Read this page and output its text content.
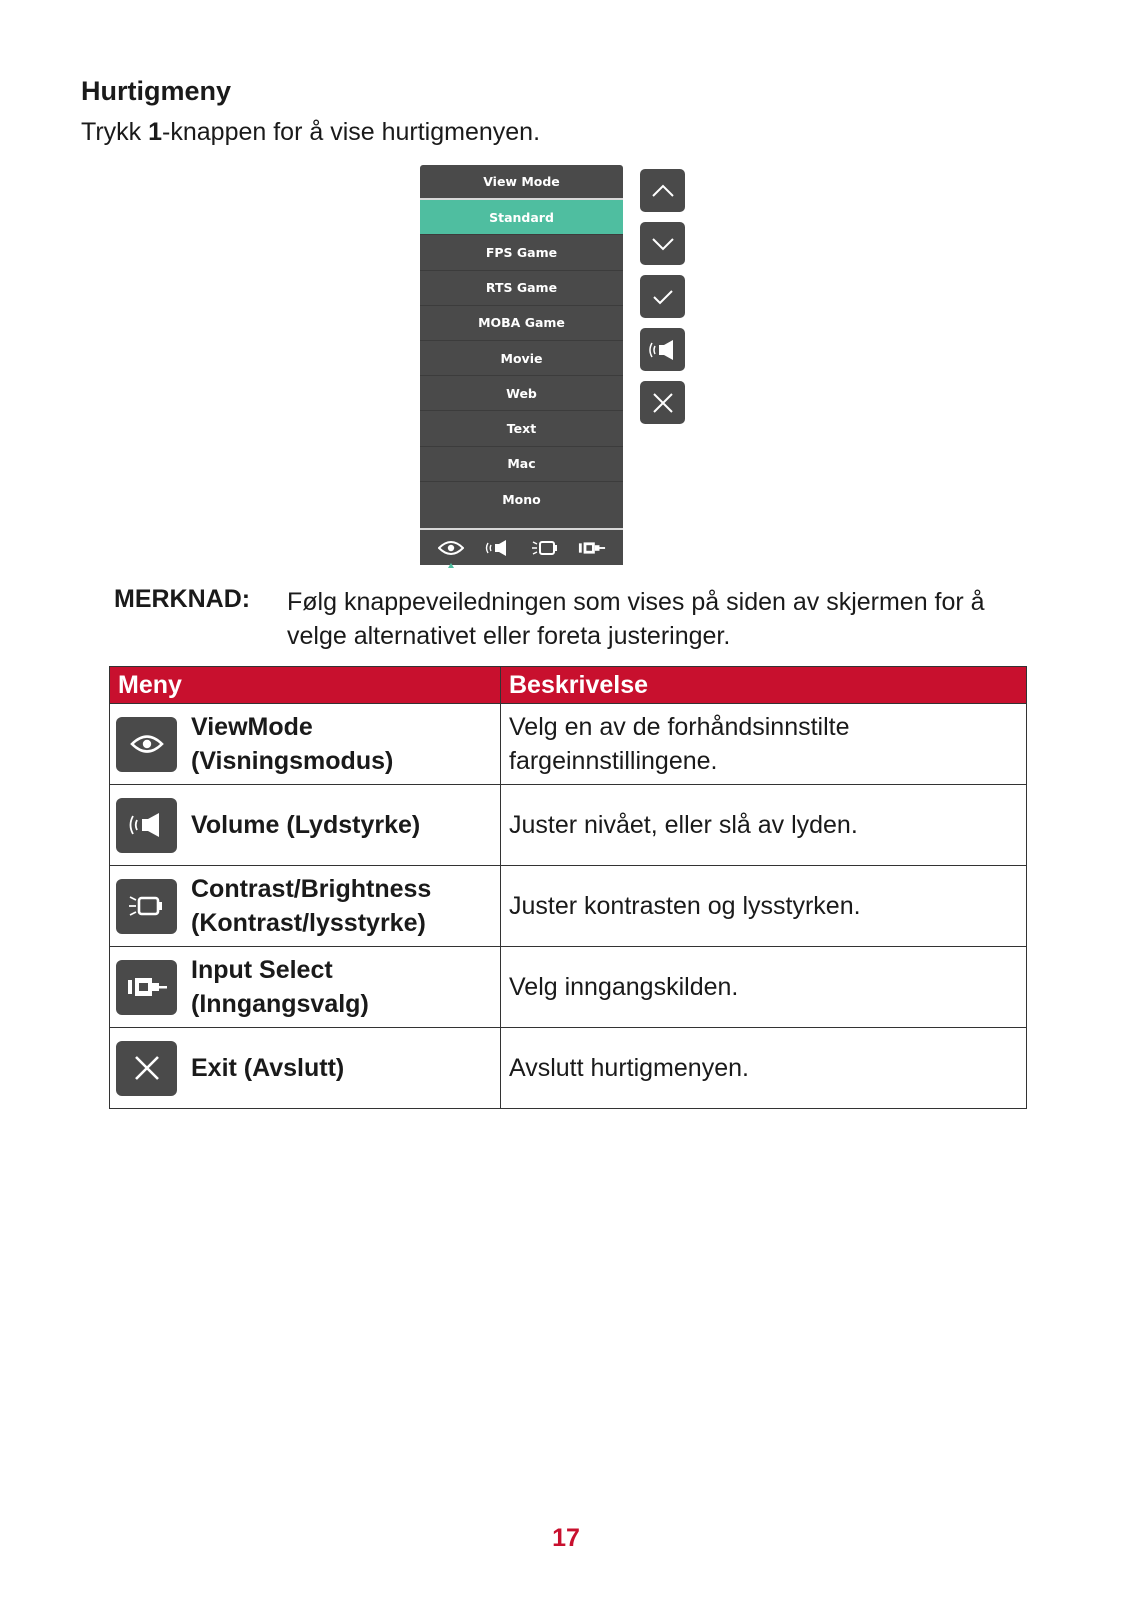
Hurtigmeny

Trykk 1-knappen for å vise hurtigmenyen.

View Mode
Standard
FPS Game
RTS Game
MOBA Game
Movie
Web
Text
Mac
Mono
MERKNAD: Følg knappeveiledningen som vises på siden av skjermen for å velge alternativet eller foreta justeringer.

Meny	Beskrivelse

ViewMode
(Visningsmodus)	Velg en av de forhåndsinnstilte fargeinnstillingene.

Volume (Lydstyrke)	Juster nivået, eller slå av lyden.

Contrast/Brightness
(Kontrast/lysstyrke)	Juster kontrasten og lysstyrken.

Input Select
(Inngangsvalg)	Velg inngangskilden.

Exit (Avslutt)	Avslutt hurtigmenyen.
17
